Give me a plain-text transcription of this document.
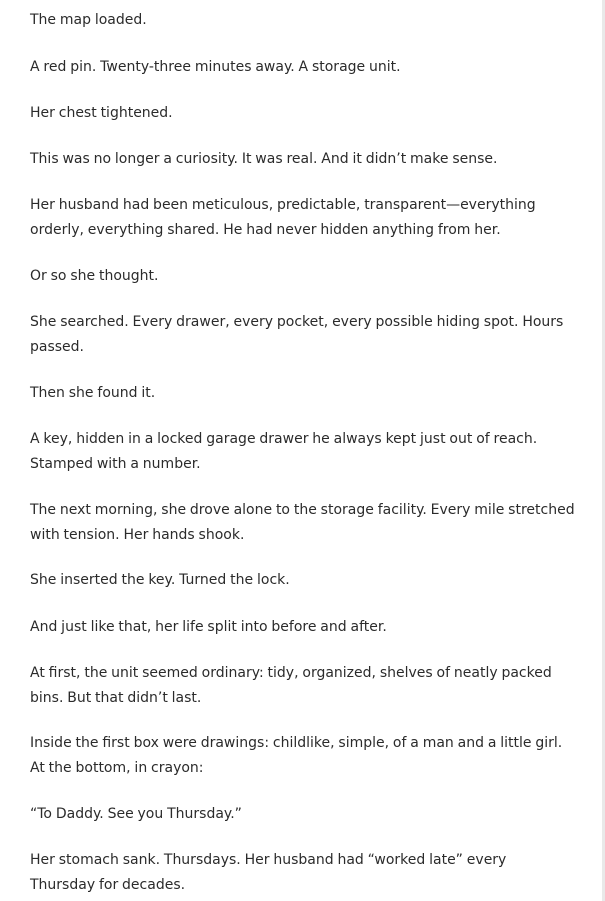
The map loaded.

A red pin. Twenty-three minutes away. A storage unit.

Her chest tightened.

This was no longer a curiosity. It was real. And it didn’t make sense.

Her husband had been meticulous, predictable, transparent—everything orderly, everything shared. He had never hidden anything from her.

Or so she thought.

She searched. Every drawer, every pocket, every possible hiding spot. Hours passed.

Then she found it.

A key, hidden in a locked garage drawer he always kept just out of reach. Stamped with a number.

The next morning, she drove alone to the storage facility. Every mile stretched with tension. Her hands shook.

She inserted the key. Turned the lock.

And just like that, her life split into before and after.

At first, the unit seemed ordinary: tidy, organized, shelves of neatly packed bins. But that didn’t last.

Inside the first box were drawings: childlike, simple, of a man and a little girl. At the bottom, in crayon:

“To Daddy. See you Thursday.”

Her stomach sank. Thursdays. Her husband had “worked late” every Thursday for decades.
